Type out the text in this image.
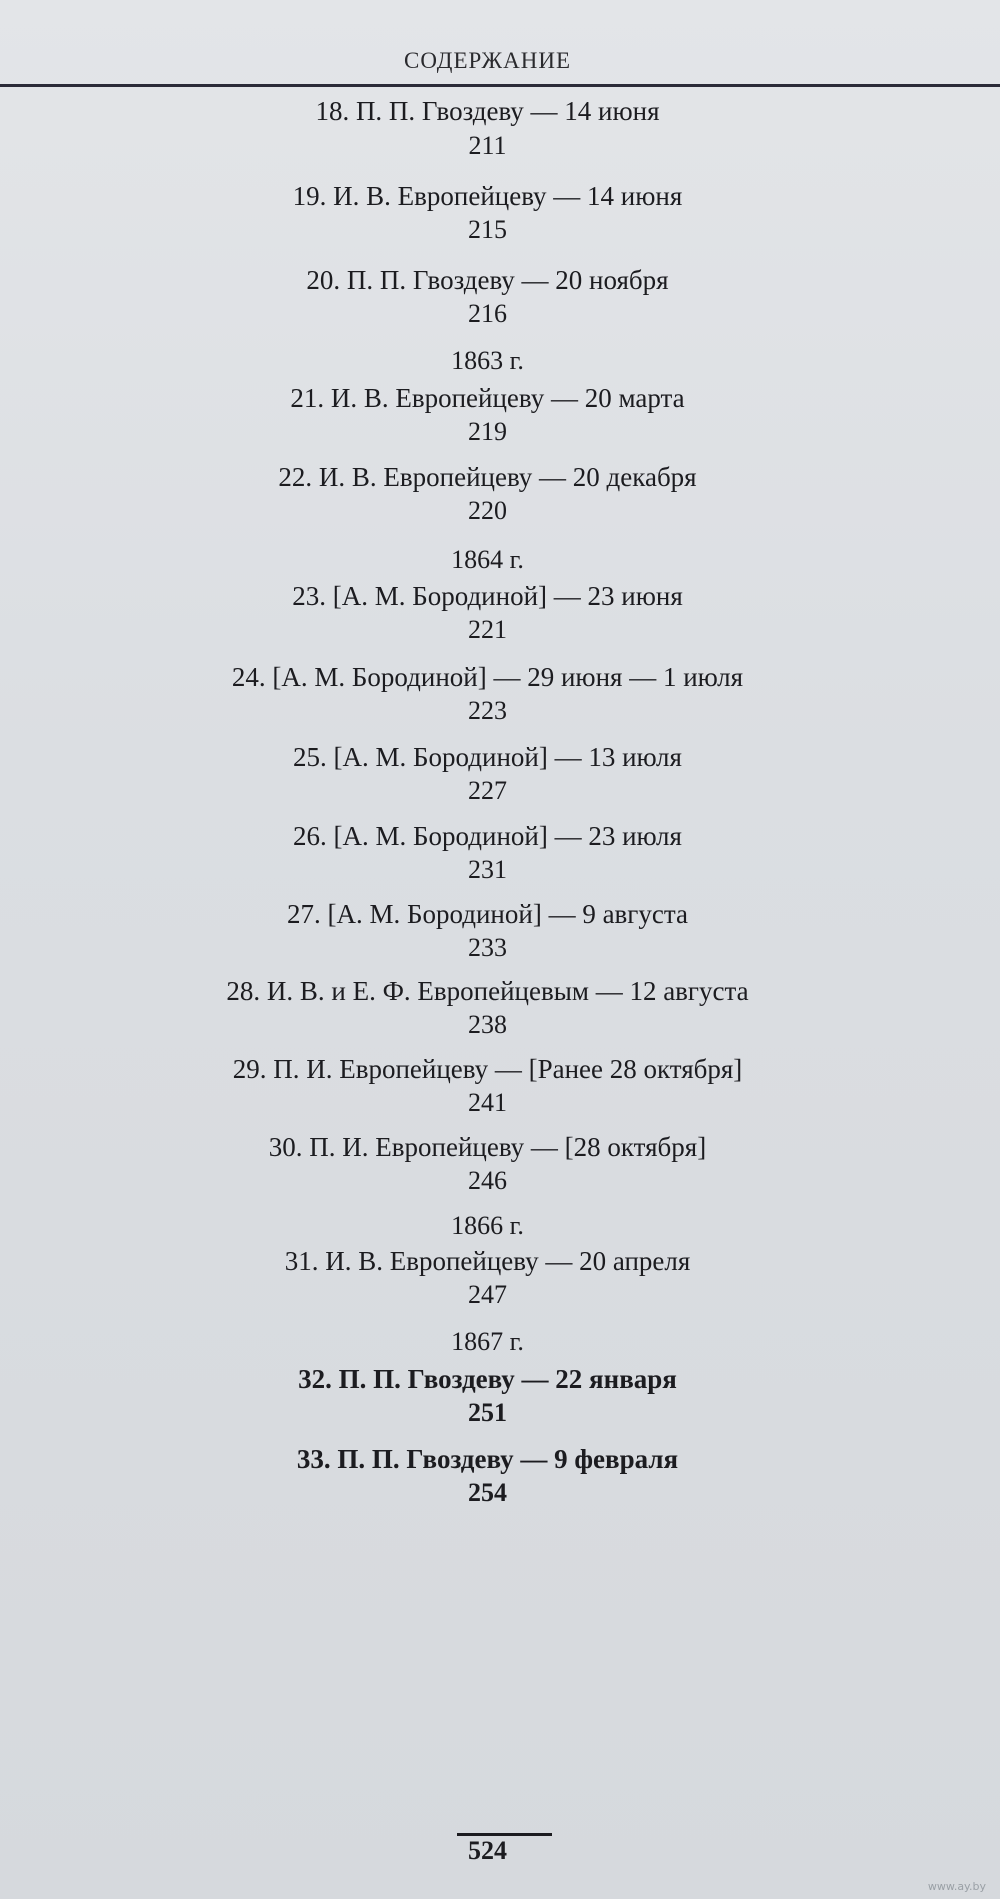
СОДЕРЖАНИЕ
18. П. П. Гвоздеву — 14 июня
211
19. И. В. Европейцеву — 14 июня
215
20. П. П. Гвоздеву — 20 ноября
216
1863 г.
21. И. В. Европейцеву — 20 марта
219
22. И. В. Европейцеву — 20 декабря
220
1864 г.
23. [А. М. Бородиной] — 23 июня
221
24. [А. М. Бородиной] — 29 июня — 1 июля
223
25. [А. М. Бородиной] — 13 июля
227
26. [А. М. Бородиной] — 23 июля
231
27. [А. М. Бородиной] — 9 августа
233
28. И. В. и Е. Ф. Европейцевым — 12 августа
238
29. П. И. Европейцеву — [Ранее 28 октября]
241
30. П. И. Европейцеву — [28 октября]
246
1866 г.
31. И. В. Европейцеву — 20 апреля
247
1867 г.
32. П. П. Гвоздеву — 22 января
251
33. П. П. Гвоздеву — 9 февраля
254
524
www.ay.by
